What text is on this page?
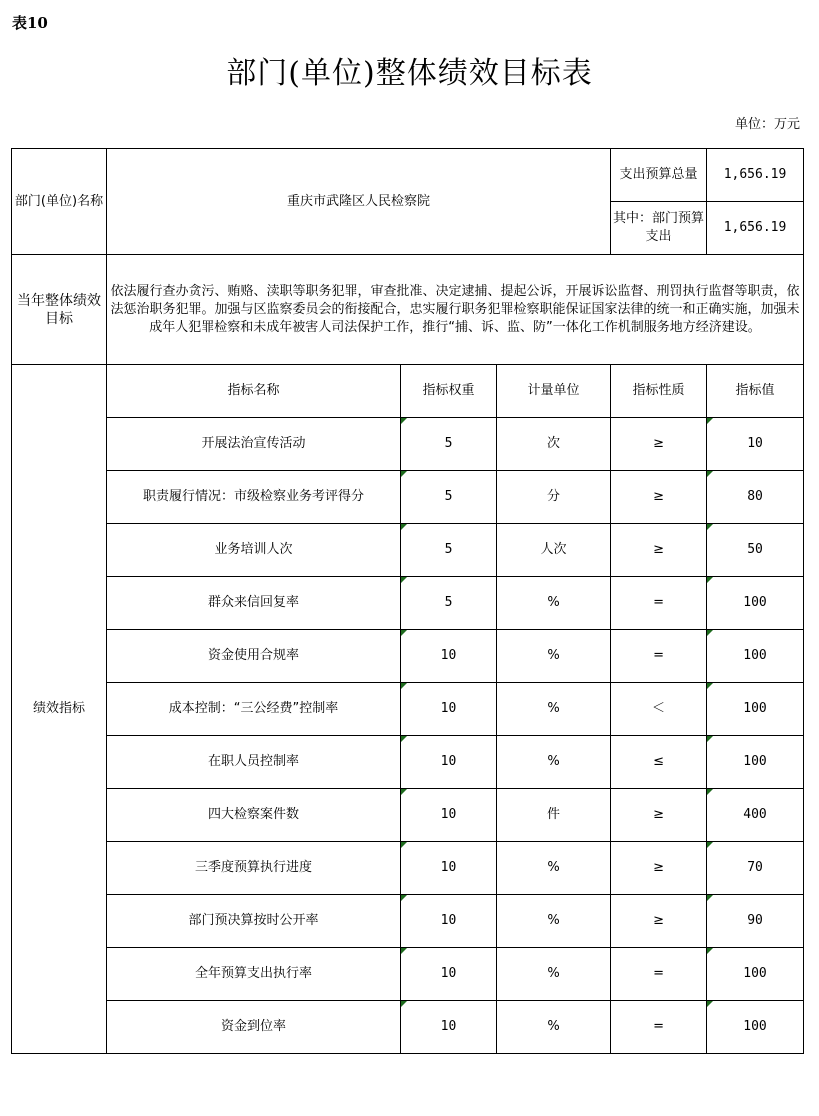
表10
部门(单位)整体绩效目标表
单位：万元
部门(单位)名称	重庆市武隆区人民检察院			支出预算总量	1,656.19
				其中：部门预算支出	1,656.19
当年整体绩效目标	依法履行查办贪污、贿赂、渎职等职务犯罪，审查批准、决定逮捕、提起公诉，开展诉讼监督、刑罚执行监督等职责，依法惩治职务犯罪。加强与区监察委员会的衔接配合，忠实履行职务犯罪检察职能保证国家法律的统一和正确实施，加强未成年人犯罪检察和未成年被害人司法保护工作，推行“捕、诉、监、防”一体化工作机制服务地方经济建设。				
绩效指标	指标名称	指标权重	计量单位	指标性质	指标值
	开展法治宣传活动	5	次	≥	10
	职责履行情况：市级检察业务考评得分	5	分	≥	80
	业务培训人次	5	人次	≥	50
	群众来信回复率	5	%	=	100
	资金使用合规率	10	%	=	100
	成本控制：“三公经费”控制率	10	%	＜	100
	在职人员控制率	10	%	≤	100
	四大检察案件数	10	件	≥	400
	三季度预算执行进度	10	%	≥	70
	部门预决算按时公开率	10	%	≥	90
	全年预算支出执行率	10	%	=	100
	资金到位率	10	%	=	100
